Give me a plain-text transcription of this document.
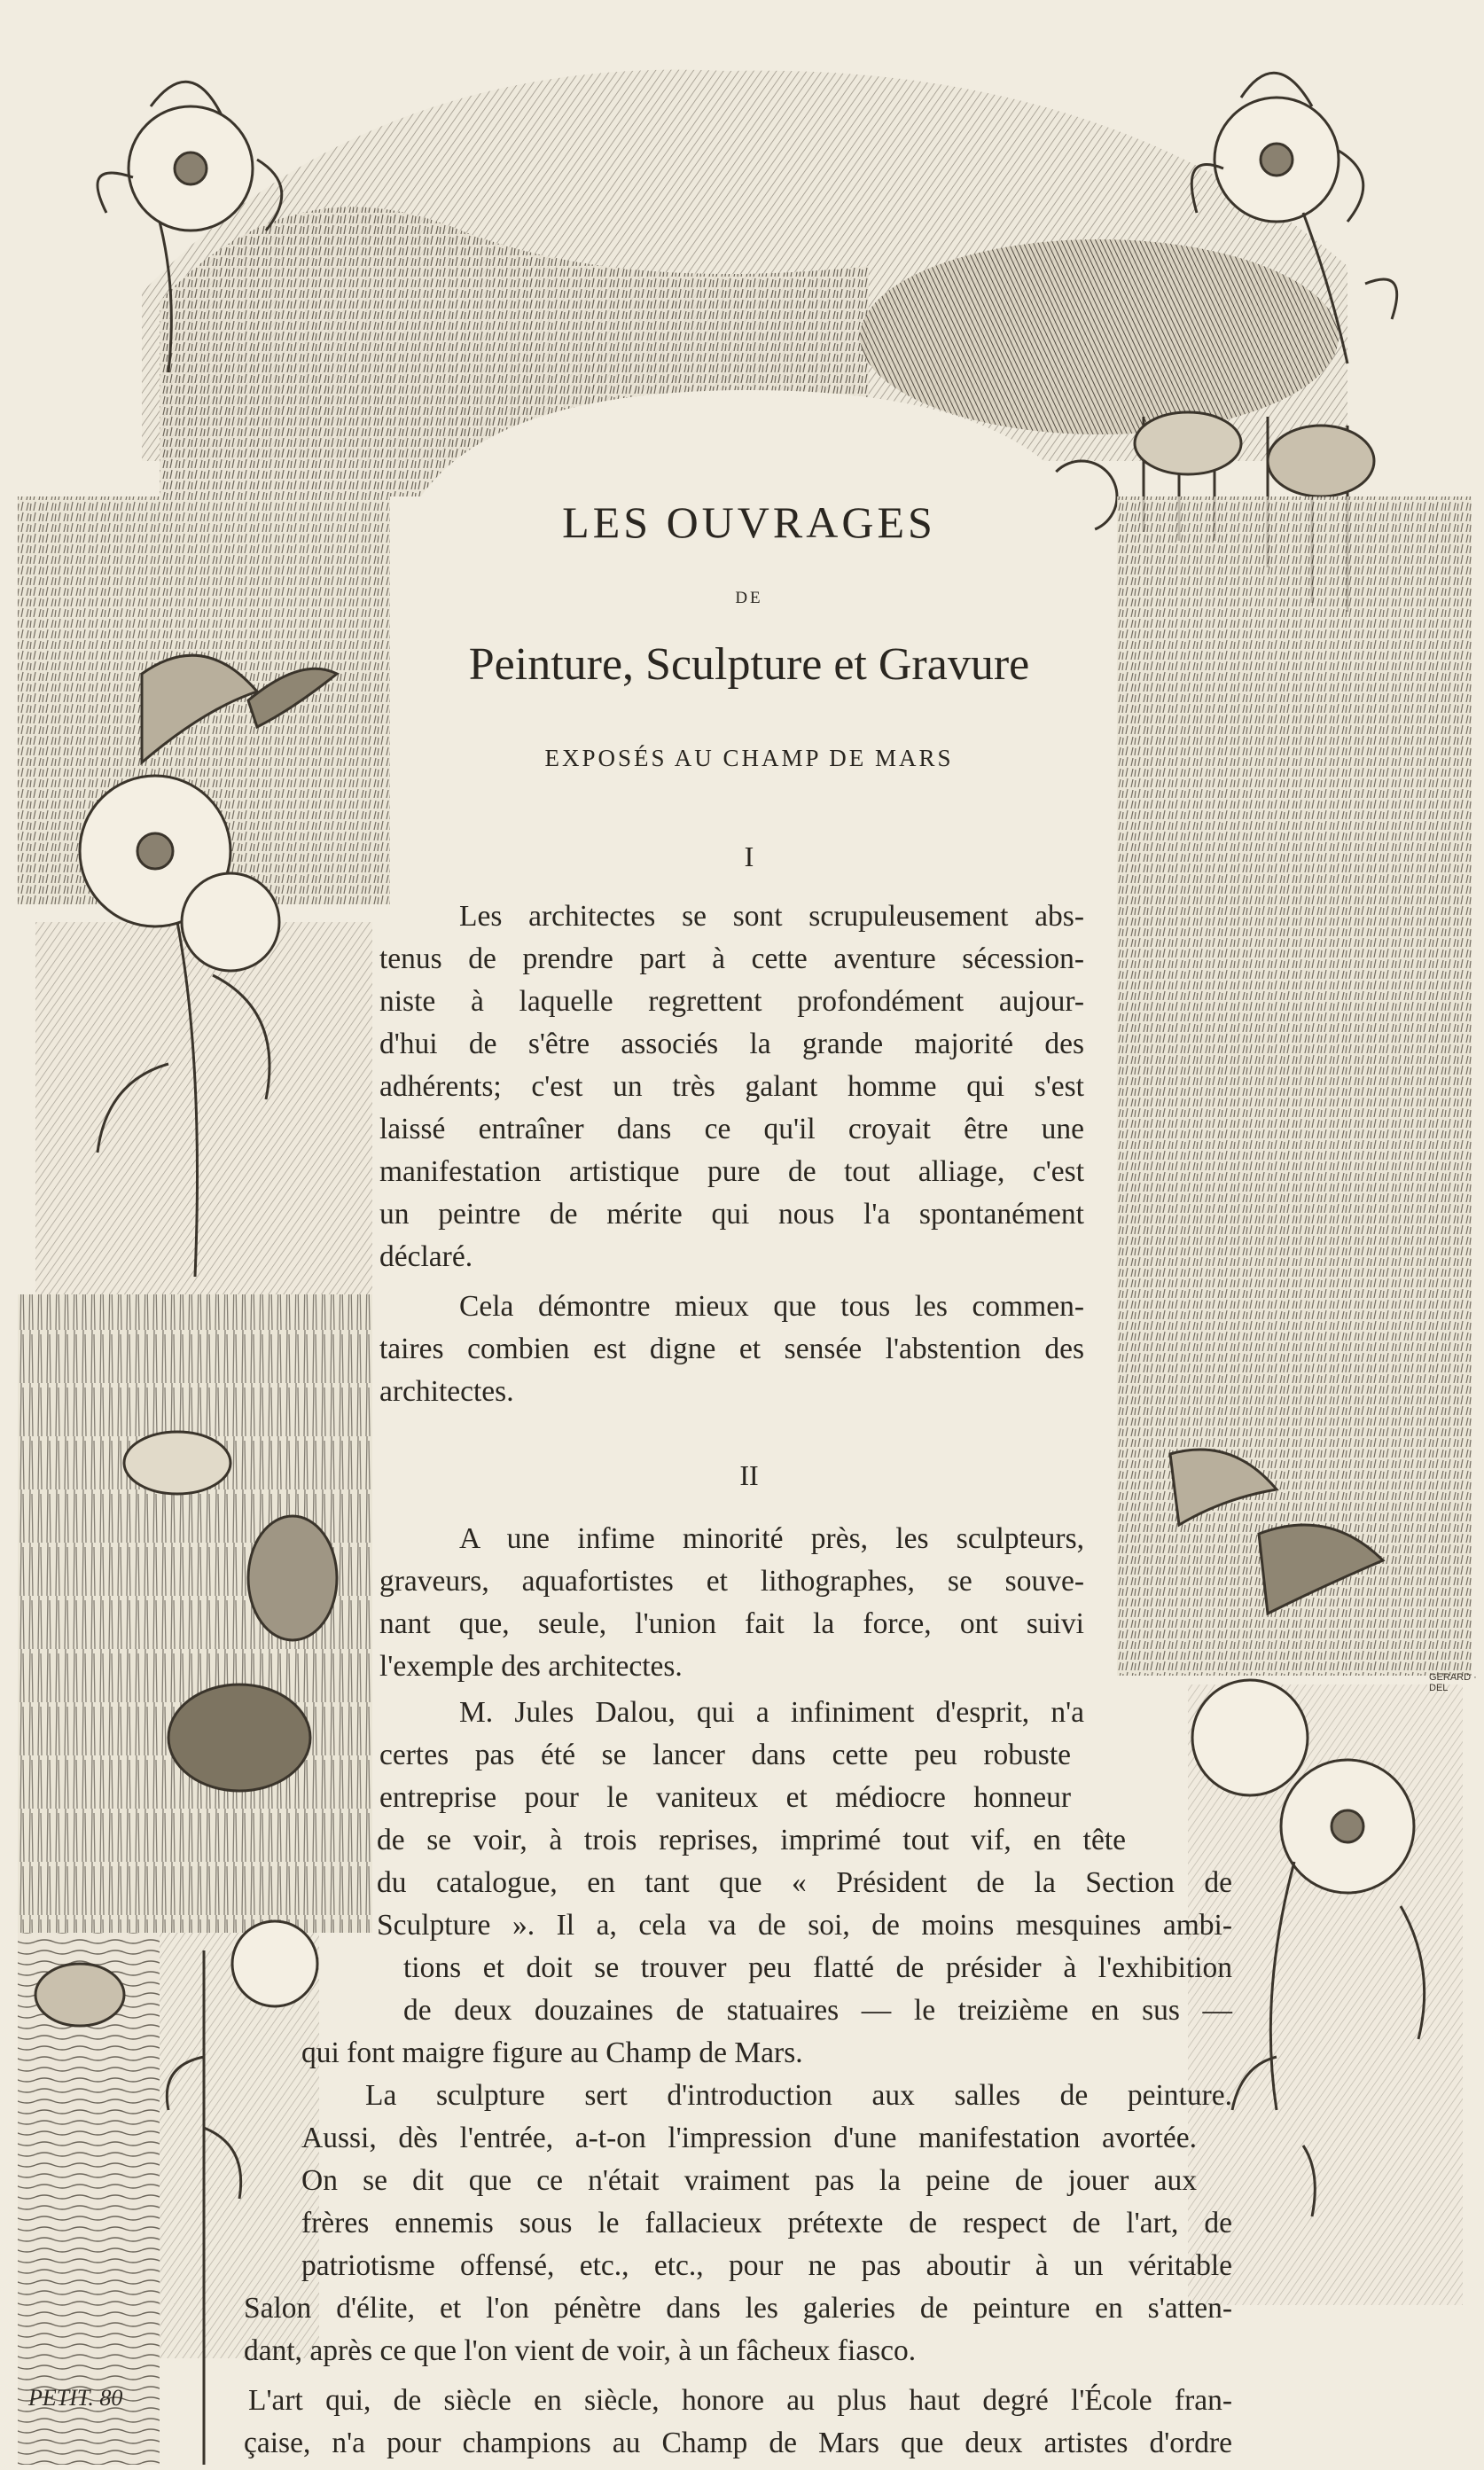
LES OUVRAGES
DE
Peinture, Sculpture et Gravure
EXPOSÉS AU CHAMP DE MARS
I
Les architectes se sont scrupuleusement abs-
tenus de prendre part à cette aventure sécession-
niste à laquelle regrettent profondément aujour-
d'hui de s'être associés la grande majorité des
adhérents; c'est un très galant homme qui s'est
laissé entraîner dans ce qu'il croyait être une
manifestation artistique pure de tout alliage, c'est
un peintre de mérite qui nous l'a spontanément
déclaré.
Cela démontre mieux que tous les commen-
taires combien est digne et sensée l'abstention des
architectes.
II
A une infime minorité près, les sculpteurs,
graveurs, aquafortistes et lithographes, se souve-
nant que, seule, l'union fait la force, ont suivi
l'exemple des architectes.
M. Jules Dalou, qui a infiniment d'esprit, n'a
certes pas été se lancer dans cette peu robuste
entreprise pour le vaniteux et médiocre honneur
de se voir, à trois reprises, imprimé tout vif, en tête
du catalogue, en tant que « Président de la Section de
Sculpture ». Il a, cela va de soi, de moins mesquines ambi-
tions et doit se trouver peu flatté de présider à l'exhibition
de deux douzaines de statuaires — le treizième en sus —
qui font maigre figure au Champ de Mars.
La sculpture sert d'introduction aux salles de peinture.
Aussi, dès l'entrée, a-t-on l'impression d'une manifestation avortée.
On se dit que ce n'était vraiment pas la peine de jouer aux
frères ennemis sous le fallacieux prétexte de respect de l'art, de
patriotisme offensé, etc., etc., pour ne pas aboutir à un véritable
Salon d'élite, et l'on pénètre dans les galeries de peinture en s'atten-
dant, après ce que l'on vient de voir, à un fâcheux fiasco.
L'art qui, de siècle en siècle, honore au plus haut degré l'École fran-
çaise, n'a pour champions au Champ de Mars que deux artistes d'ordre
PETIT. 80
GERARD · DEL
